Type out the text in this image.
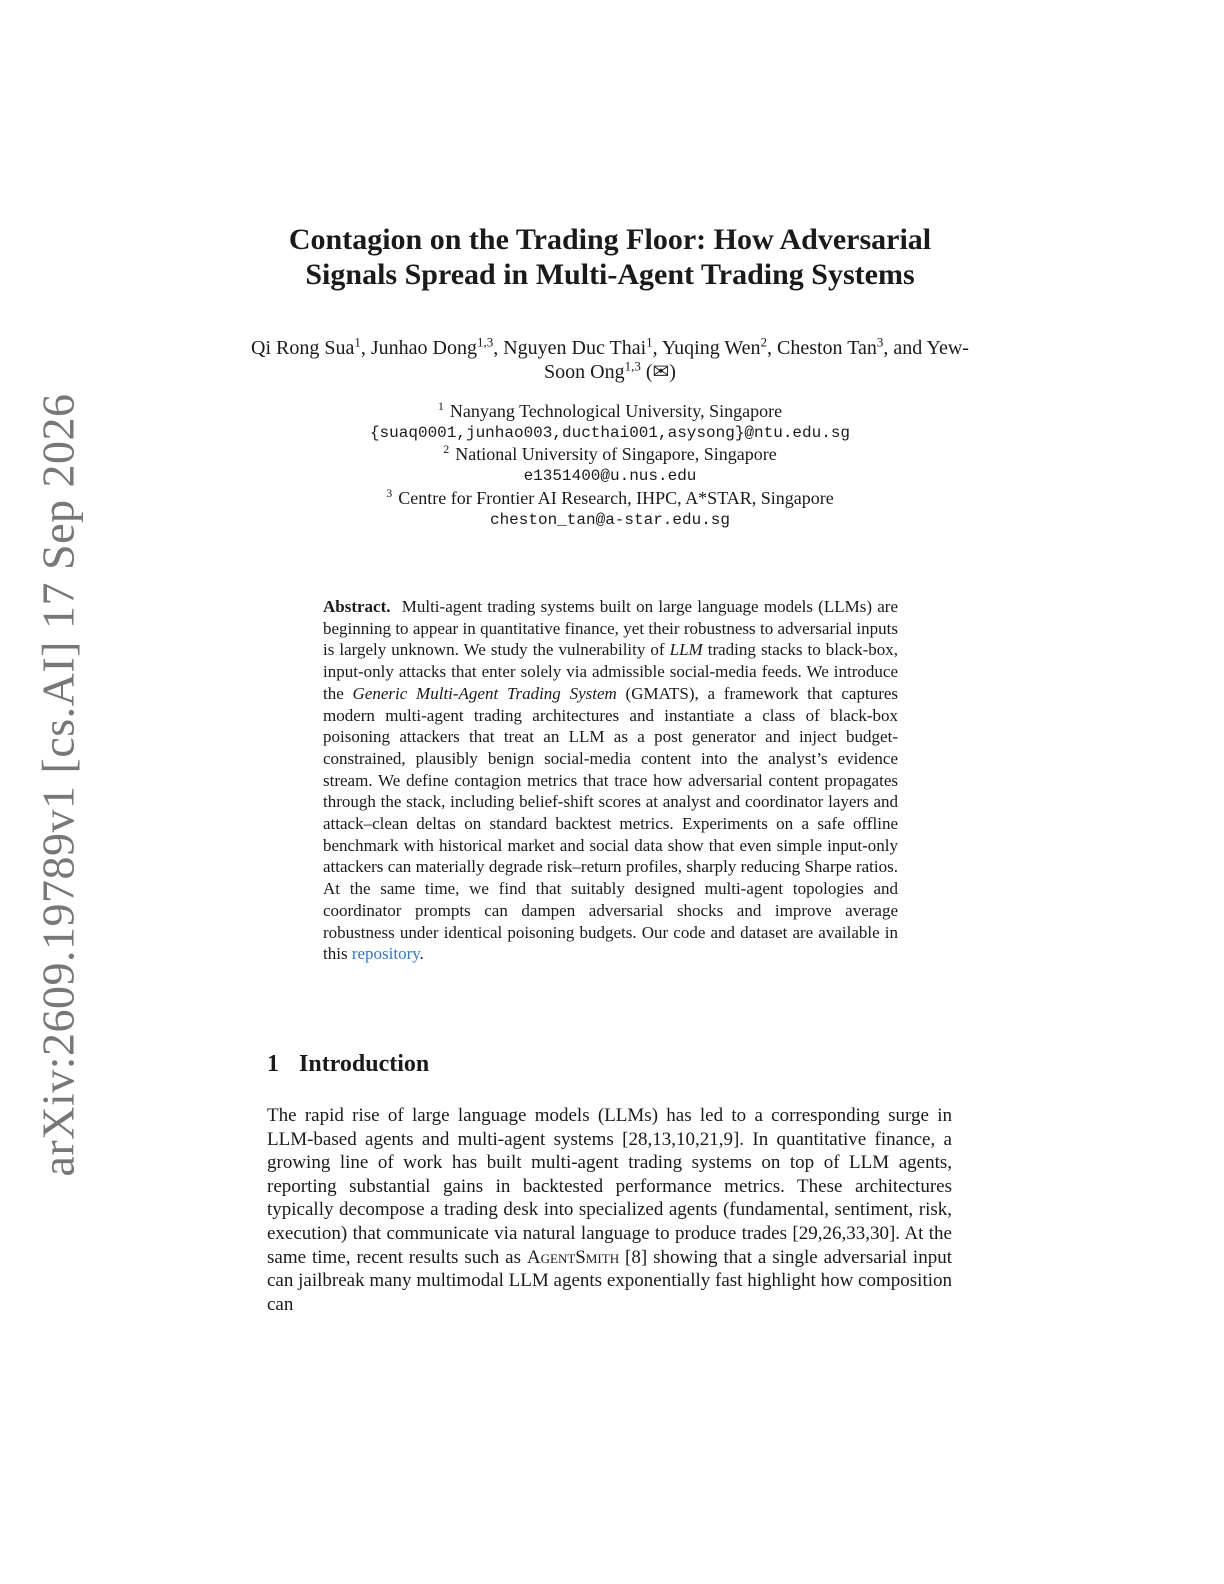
arXiv:2609.19789v1 [cs.AI] 17 Sep 2026
Contagion on the Trading Floor: How Adversarial
Signals Spread in Multi-Agent Trading Systems
Qi Rong Sua$^1$, Junhao Dong$^{1,3}$, Nguyen Duc Thai$^1$, Yuqing Wen$^2$, Cheston Tan$^3$, and Yew-Soon Ong$^{1,3}$ (✉)
$^1$ Nanyang Technological University, Singapore
{suaq0001,junhao003,ducthai001,asysong}@ntu.edu.sg
$^2$ National University of Singapore, Singapore
e1351400@u.nus.edu
$^3$ Centre for Frontier AI Research, IHPC, A*STAR, Singapore
cheston_tan@a-star.edu.sg
Abstract. Multi-agent trading systems built on large language models (LLMs) are beginning to appear in quantitative finance, yet their robustness to adversarial inputs is largely unknown. We study the vulnerability of LLM trading stacks to black-box, input-only attacks that enter solely via admissible social-media feeds. We introduce the Generic Multi-Agent Trading System (GMATS), a framework that captures modern multi-agent trading architectures and instantiate a class of black-box poisoning attackers that treat an LLM as a post generator and inject budget-constrained, plausibly benign social-media content into the analyst’s evidence stream. We define contagion metrics that trace how adversarial content propagates through the stack, including belief-shift scores at analyst and coordinator layers and attack–clean deltas on standard backtest metrics. Experiments on a safe offline benchmark with historical market and social data show that even simple input-only attackers can materially degrade risk–return profiles, sharply reducing Sharpe ratios. At the same time, we find that suitably designed multi-agent topologies and coordinator prompts can dampen adversarial shocks and improve average robustness under identical poisoning budgets. Our code and dataset are available in this repository.
1 Introduction
The rapid rise of large language models (LLMs) has led to a corresponding surge in LLM-based agents and multi-agent systems [28,13,10,21,9]. In quantitative finance, a growing line of work has built multi-agent trading systems on top of LLM agents, reporting substantial gains in backtested performance metrics. These architectures typically decompose a trading desk into specialized agents (fundamental, sentiment, risk, execution) that communicate via natural language to produce trades [29,26,33,30]. At the same time, recent results such as AgentSmith [8] showing that a single adversarial input can jailbreak many multimodal LLM agents exponentially fast highlight how composition can
